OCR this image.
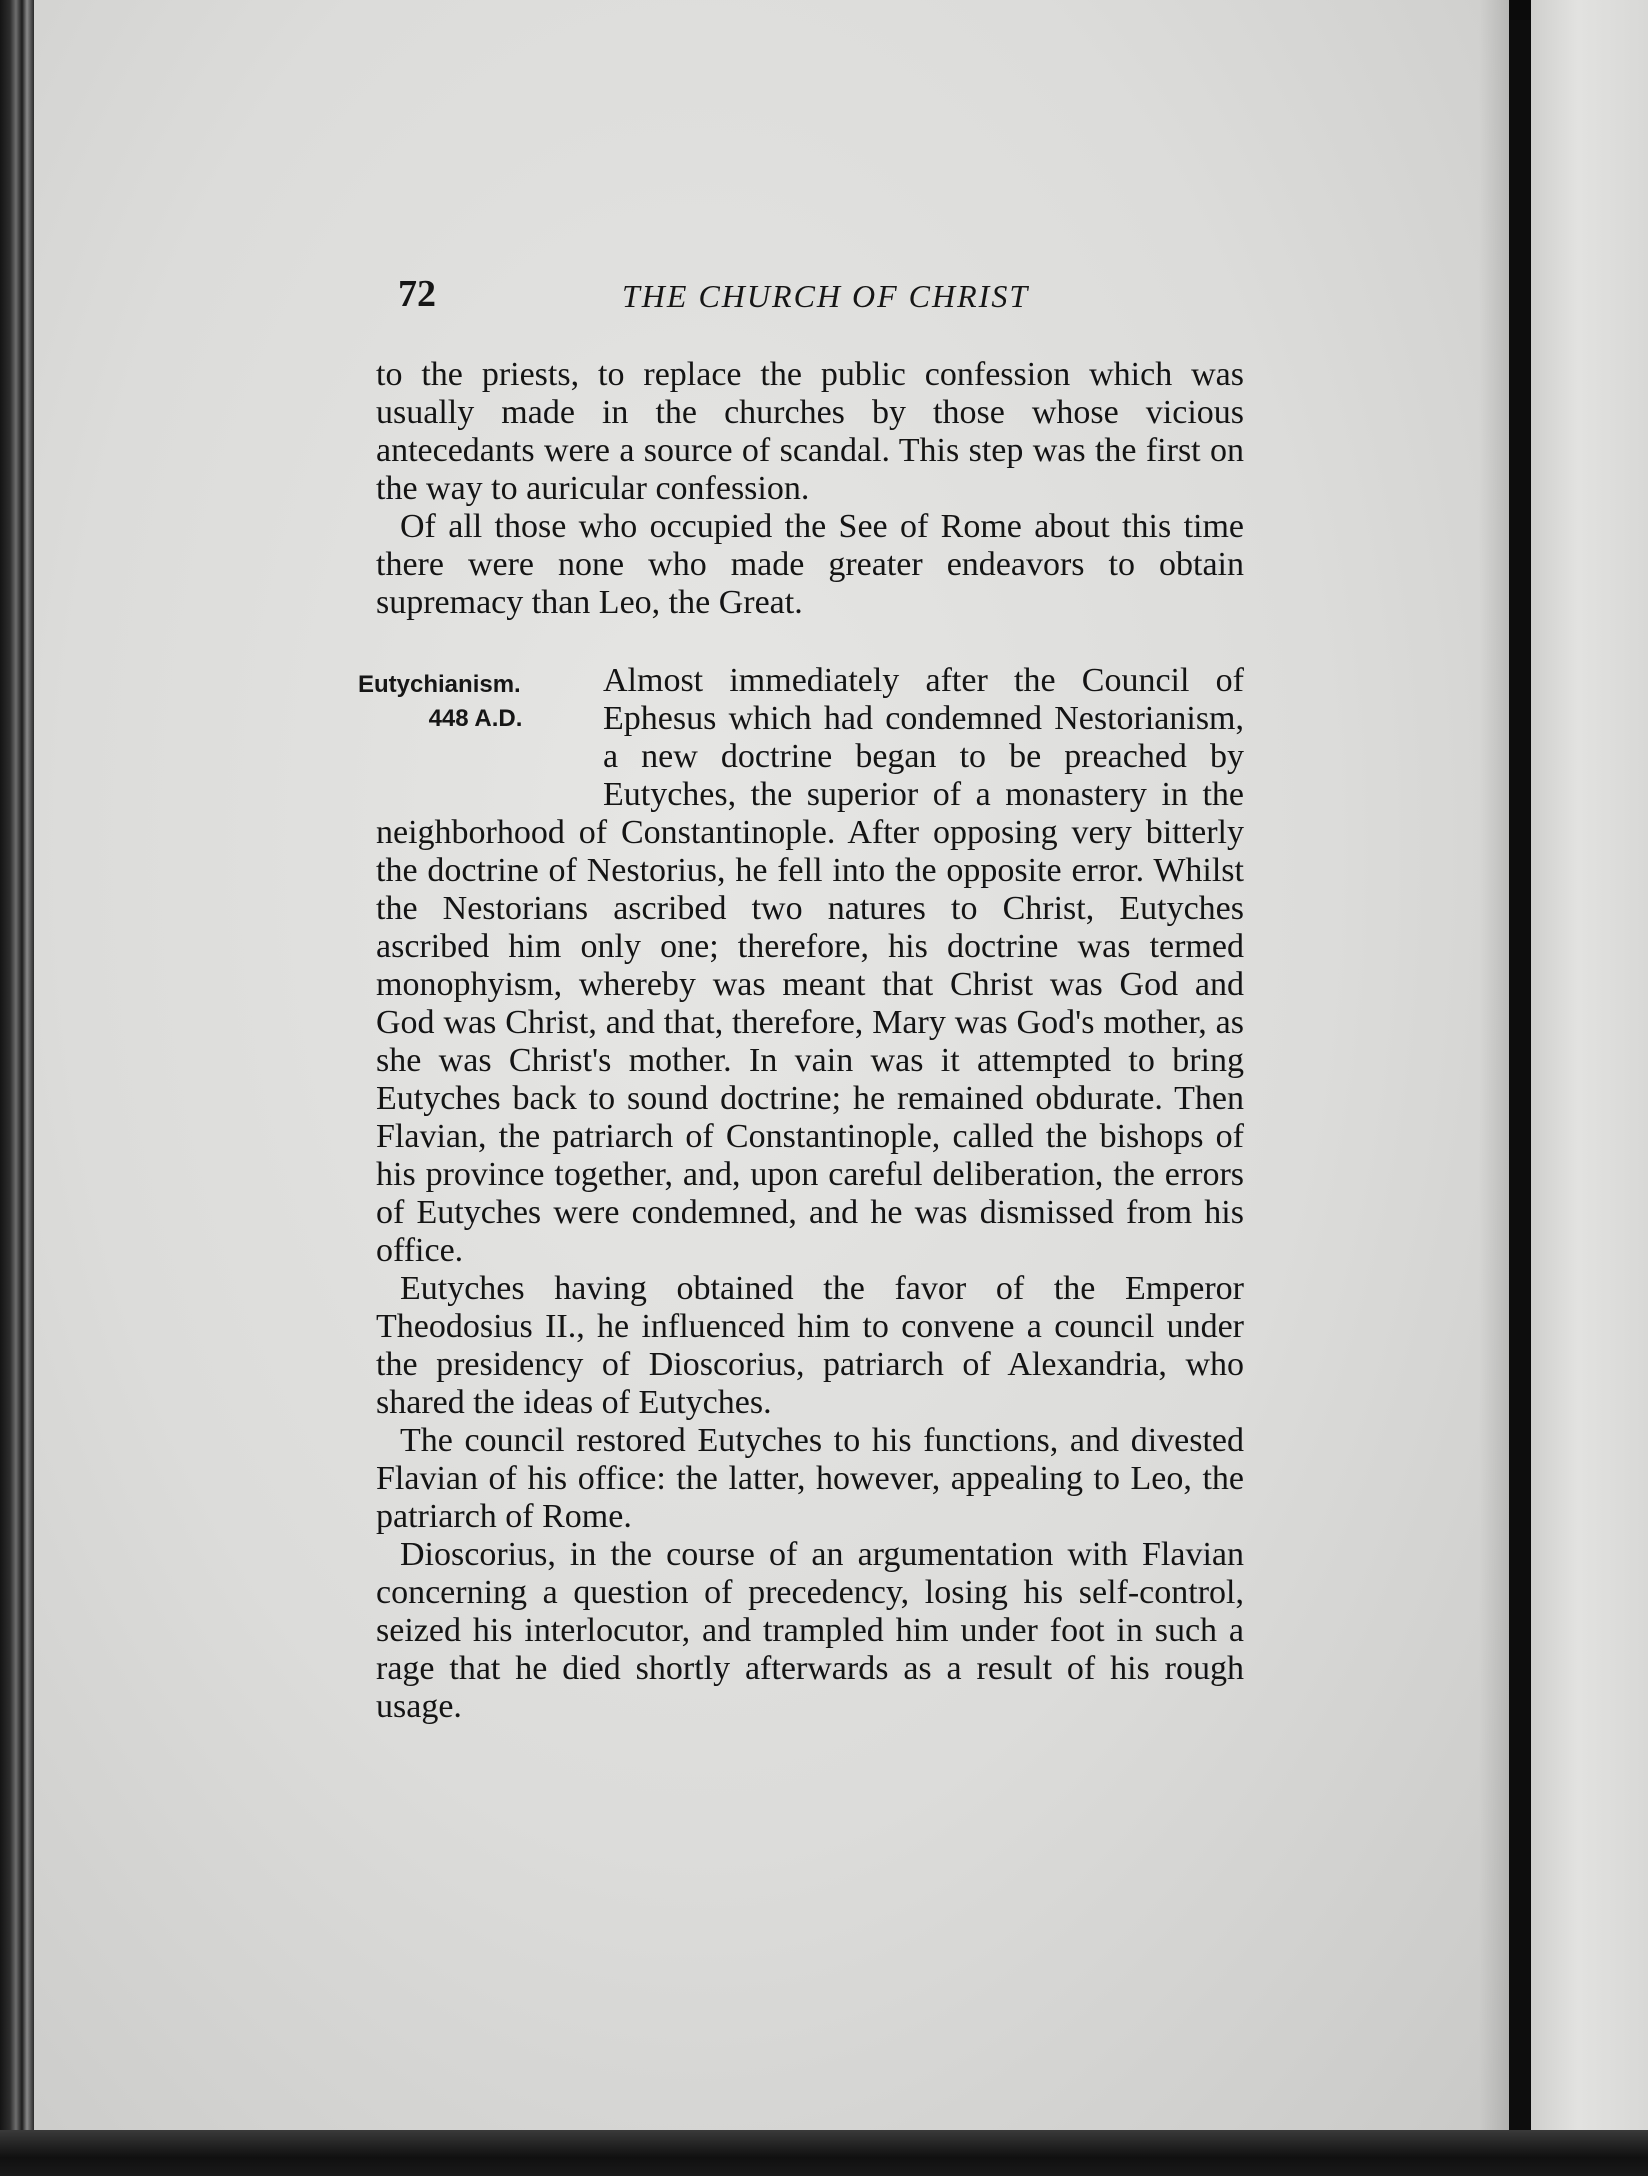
72	THE CHURCH OF CHRIST

to the priests, to replace the public confession which was usually made in the churches by those whose vicious antecedants were a source of scandal. This step was the first on the way to auricular confession.

Of all those who occupied the See of Rome about this time there were none who made greater endeavors to obtain supremacy than Leo, the Great.

Eutychianism.
448 A.D.

Almost immediately after the Council of Ephesus which had condemned Nestorianism, a new doctrine began to be preached by Eutyches, the superior of a monastery in the neighborhood of Constantinople. After opposing very bitterly the doctrine of Nestorius, he fell into the opposite error. Whilst the Nestorians ascribed two natures to Christ, Eutyches ascribed him only one; therefore, his doctrine was termed monophyism, whereby was meant that Christ was God and God was Christ, and that, therefore, Mary was God's mother, as she was Christ's mother. In vain was it attempted to bring Eutyches back to sound doctrine; he remained obdurate. Then Flavian, the patriarch of Constantinople, called the bishops of his province together, and, upon careful deliberation, the errors of Eutyches were condemned, and he was dismissed from his office.

Eutyches having obtained the favor of the Emperor Theodosius II., he influenced him to convene a council under the presidency of Dioscorius, patriarch of Alexandria, who shared the ideas of Eutyches.

The council restored Eutyches to his functions, and divested Flavian of his office: the latter, however, appealing to Leo, the patriarch of Rome.

Dioscorius, in the course of an argumentation with Flavian concerning a question of precedency, losing his self-control, seized his interlocutor, and trampled him under foot in such a rage that he died shortly afterwards as a result of his rough usage.
